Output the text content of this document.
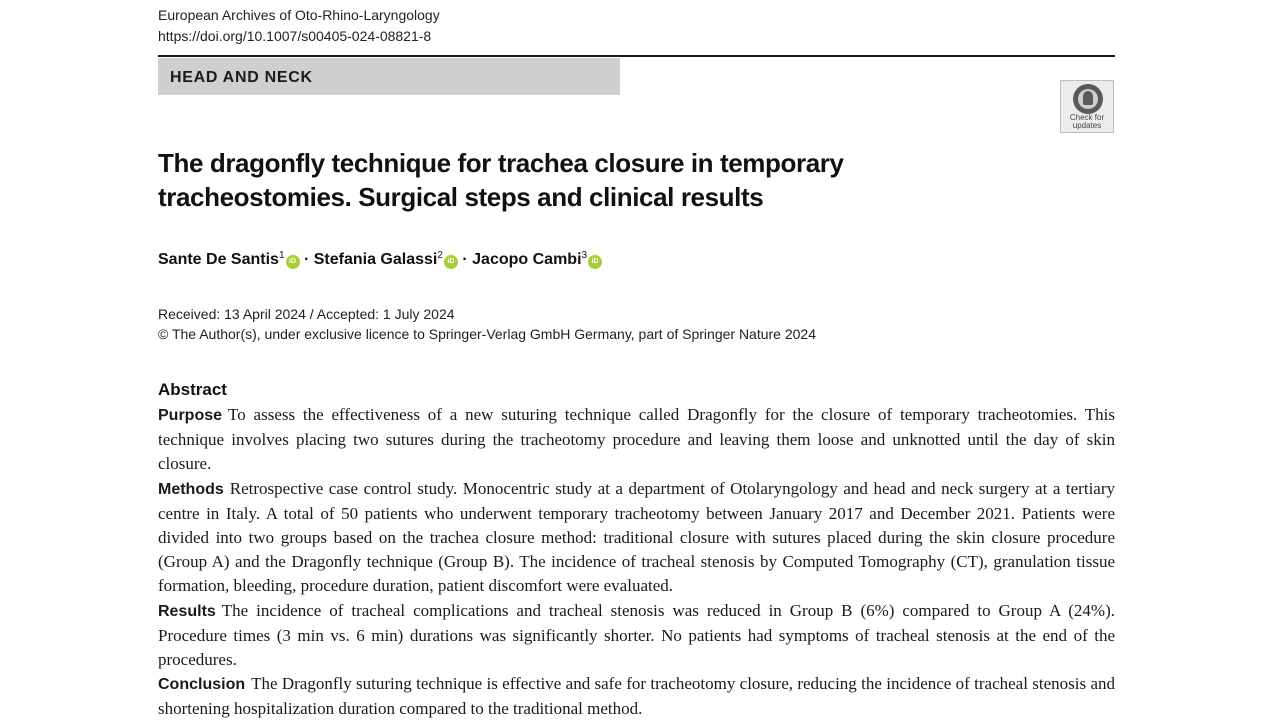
European Archives of Oto-Rhino-Laryngology
https://doi.org/10.1007/s00405-024-08821-8
HEAD AND NECK
Check for
updates
The dragonfly technique for trachea closure in temporary
tracheostomies. Surgical steps and clinical results
Sante De Santis$^1$iD · Stefania Galassi$^2$iD · Jacopo Cambi$^3$iD
Received: 13 April 2024 / Accepted: 1 July 2024
© The Author(s), under exclusive licence to Springer-Verlag GmbH Germany, part of Springer Nature 2024
Abstract

Purpose To assess the effectiveness of a new suturing technique called Dragonfly for the closure of temporary tracheotomies. This technique involves placing two sutures during the tracheotomy procedure and leaving them loose and unknotted until the day of skin closure.

Methods Retrospective case control study. Monocentric study at a department of Otolaryngology and head and neck surgery at a tertiary centre in Italy. A total of 50 patients who underwent temporary tracheotomy between January 2017 and December 2021. Patients were divided into two groups based on the trachea closure method: traditional closure with sutures placed during the skin closure procedure (Group A) and the Dragonfly technique (Group B). The incidence of tracheal stenosis by Computed Tomography (CT), granulation tissue formation, bleeding, procedure duration, patient discomfort were evaluated.

Results The incidence of tracheal complications and tracheal stenosis was reduced in Group B (6%) compared to Group A (24%). Procedure times (3 min vs. 6 min) durations was significantly shorter. No patients had symptoms of tracheal stenosis at the end of the procedures.

Conclusion The Dragonfly suturing technique is effective and safe for tracheotomy closure, reducing the incidence of tracheal stenosis and shortening hospitalization duration compared to the traditional method.
